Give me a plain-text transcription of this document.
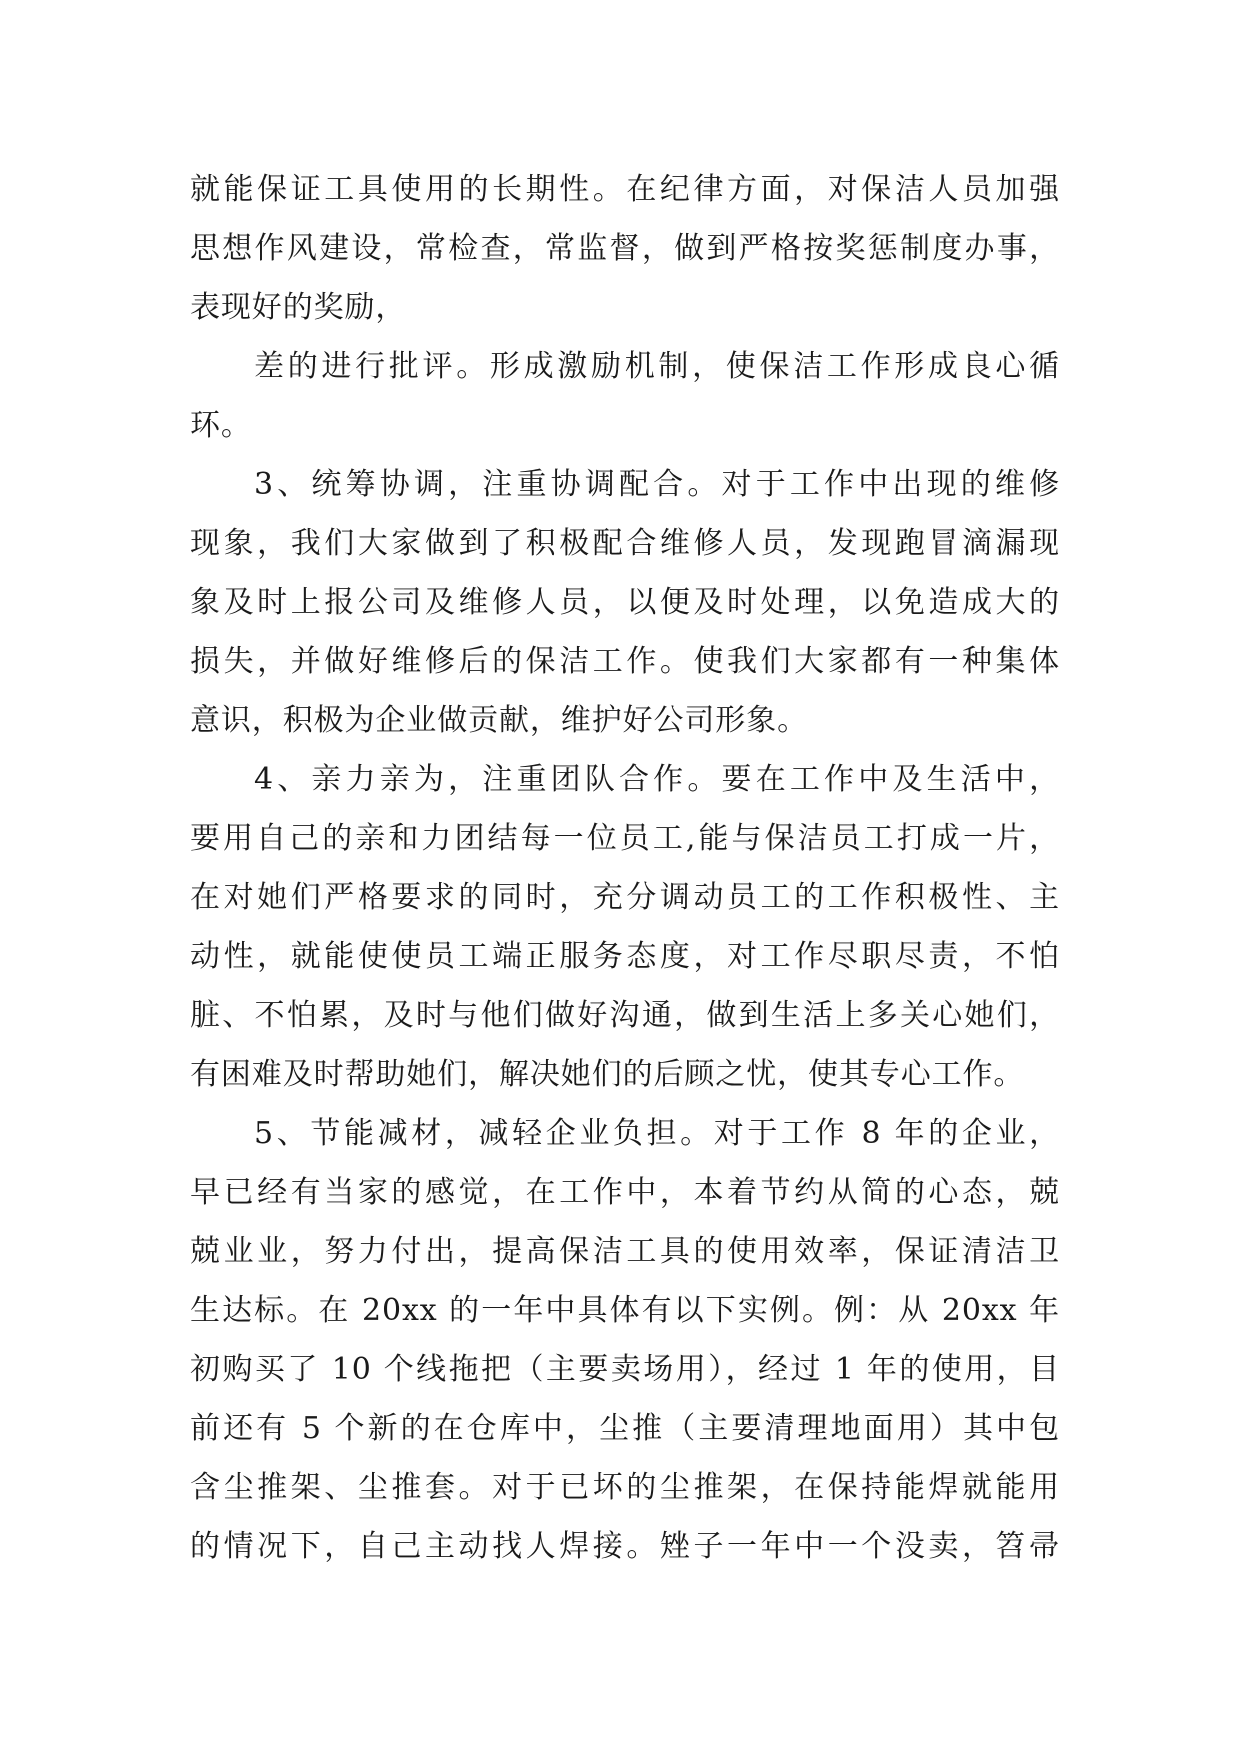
就能保证工具使用的长期性。在纪律方面，对保洁人员加强
思想作风建设，常检查，常监督，做到严格按奖惩制度办事，
表现好的奖励，
差的进行批评。形成激励机制，使保洁工作形成良心循
环。
3、统筹协调，注重协调配合。对于工作中出现的维修
现象，我们大家做到了积极配合维修人员，发现跑冒滴漏现
象及时上报公司及维修人员，以便及时处理，以免造成大的
损失，并做好维修后的保洁工作。使我们大家都有一种集体
意识，积极为企业做贡献，维护好公司形象。
4、亲力亲为，注重团队合作。要在工作中及生活中，
要用自己的亲和力团结每一位员工,能与保洁员工打成一片，
在对她们严格要求的同时，充分调动员工的工作积极性、主
动性，就能使使员工端正服务态度，对工作尽职尽责，不怕
脏、不怕累，及时与他们做好沟通，做到生活上多关心她们，
有困难及时帮助她们，解决她们的后顾之忧，使其专心工作。
5、节能减材，减轻企业负担。对于工作 8 年的企业，
早已经有当家的感觉，在工作中，本着节约从简的心态，兢
兢业业，努力付出，提高保洁工具的使用效率，保证清洁卫
生达标。在 20xx 的一年中具体有以下实例。例：从 20xx 年
初购买了 10 个线拖把（主要卖场用），经过 1 年的使用，目
前还有 5 个新的在仓库中，尘推（主要清理地面用）其中包
含尘推架、尘推套。对于已坏的尘推架，在保持能焊就能用
的情况下，自己主动找人焊接。矬子一年中一个没卖，笤帚
